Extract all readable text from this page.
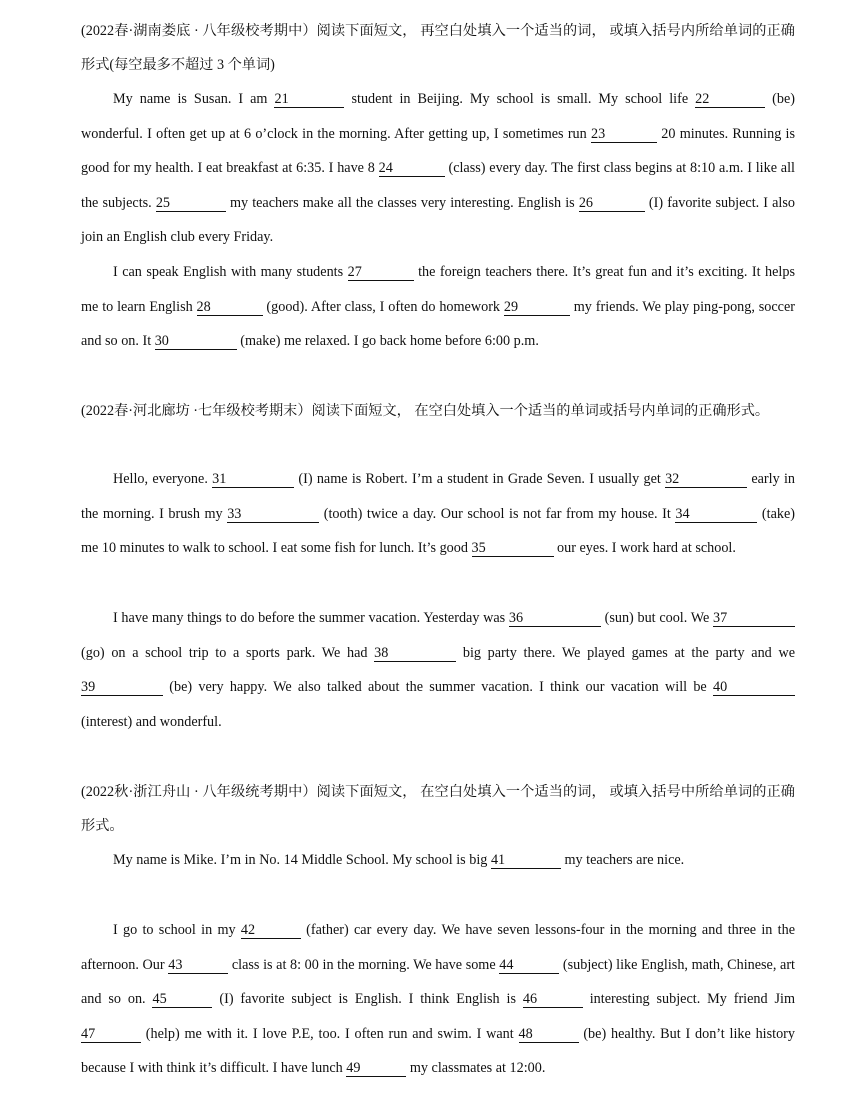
(2022春·湖南娄底 · 八年级校考期中）阅读下面短文， 再空白处填入一个适当的词， 或填入括号内所给单词的正确形式(每空最多不超过 3 个单词)

My name is Susan. I am 21	student in Beijing. My school is small. My school life 22	(be) wonderful. I often get up at 6 o’clock in the morning. After getting up, I sometimes run 23	20 minutes. Running is good for my health. I eat breakfast at 6:35. I have 8 24	(class) every day. The first class begins at 8:10 a.m. I like all the subjects. 25	my teachers make all the classes very interesting. English is 26	(I) favorite subject. I also join an English club every Friday.

I can speak English with many students 27	the foreign teachers there. It’s great fun and it’s exciting. It helps me to learn English 28	(good). After class, I often do homework 29	my friends. We play ping-pong, soccer and so on. It 30	(make) me relaxed. I go back home before 6:00 p.m.

(2022春·河北廊坊 ·七年级校考期末）阅读下面短文， 在空白处填入一个适当的单词或括号内单词的正确形式。

Hello, everyone. 31	(I) name is Robert. I’m a student in Grade Seven. I usually get 32	early in the morning. I brush my 33	(tooth) twice a day. Our school is not far from my house. It 34	(take) me 10 minutes to walk to school. I eat some fish for lunch. It’s good 35	our eyes. I work hard at school.

I have many things to do before the summer vacation. Yesterday was 36	(sun) but cool. We 37 (go) on a school trip to a sports park. We had 38	big party there. We played games at the party and we 39	(be) very happy. We also talked about the summer vacation. I think our vacation will be 40 (interest) and wonderful.

(2022秋·浙江舟山 · 八年级统考期中）阅读下面短文， 在空白处填入一个适当的词， 或填入括号中所给单词的正确形式。

My name is Mike. I’m in No. 14 Middle School. My school is big 41	my teachers are nice.

I go to school in my 42	(father) car every day. We have seven lessons-four in the morning and three in the afternoon. Our 43	class is at 8: 00 in the morning. We have some 44	(subject) like English, math, Chinese, art and so on. 45	(I) favorite subject is English. I think English is 46	interesting subject. My friend Jim 47	(help) me with it. I love P.E, too. I often run and swim. I want 48	(be) healthy. But I don’t like history because I with think it’s difficult. I have lunch 49	my classmates at 12:00.
